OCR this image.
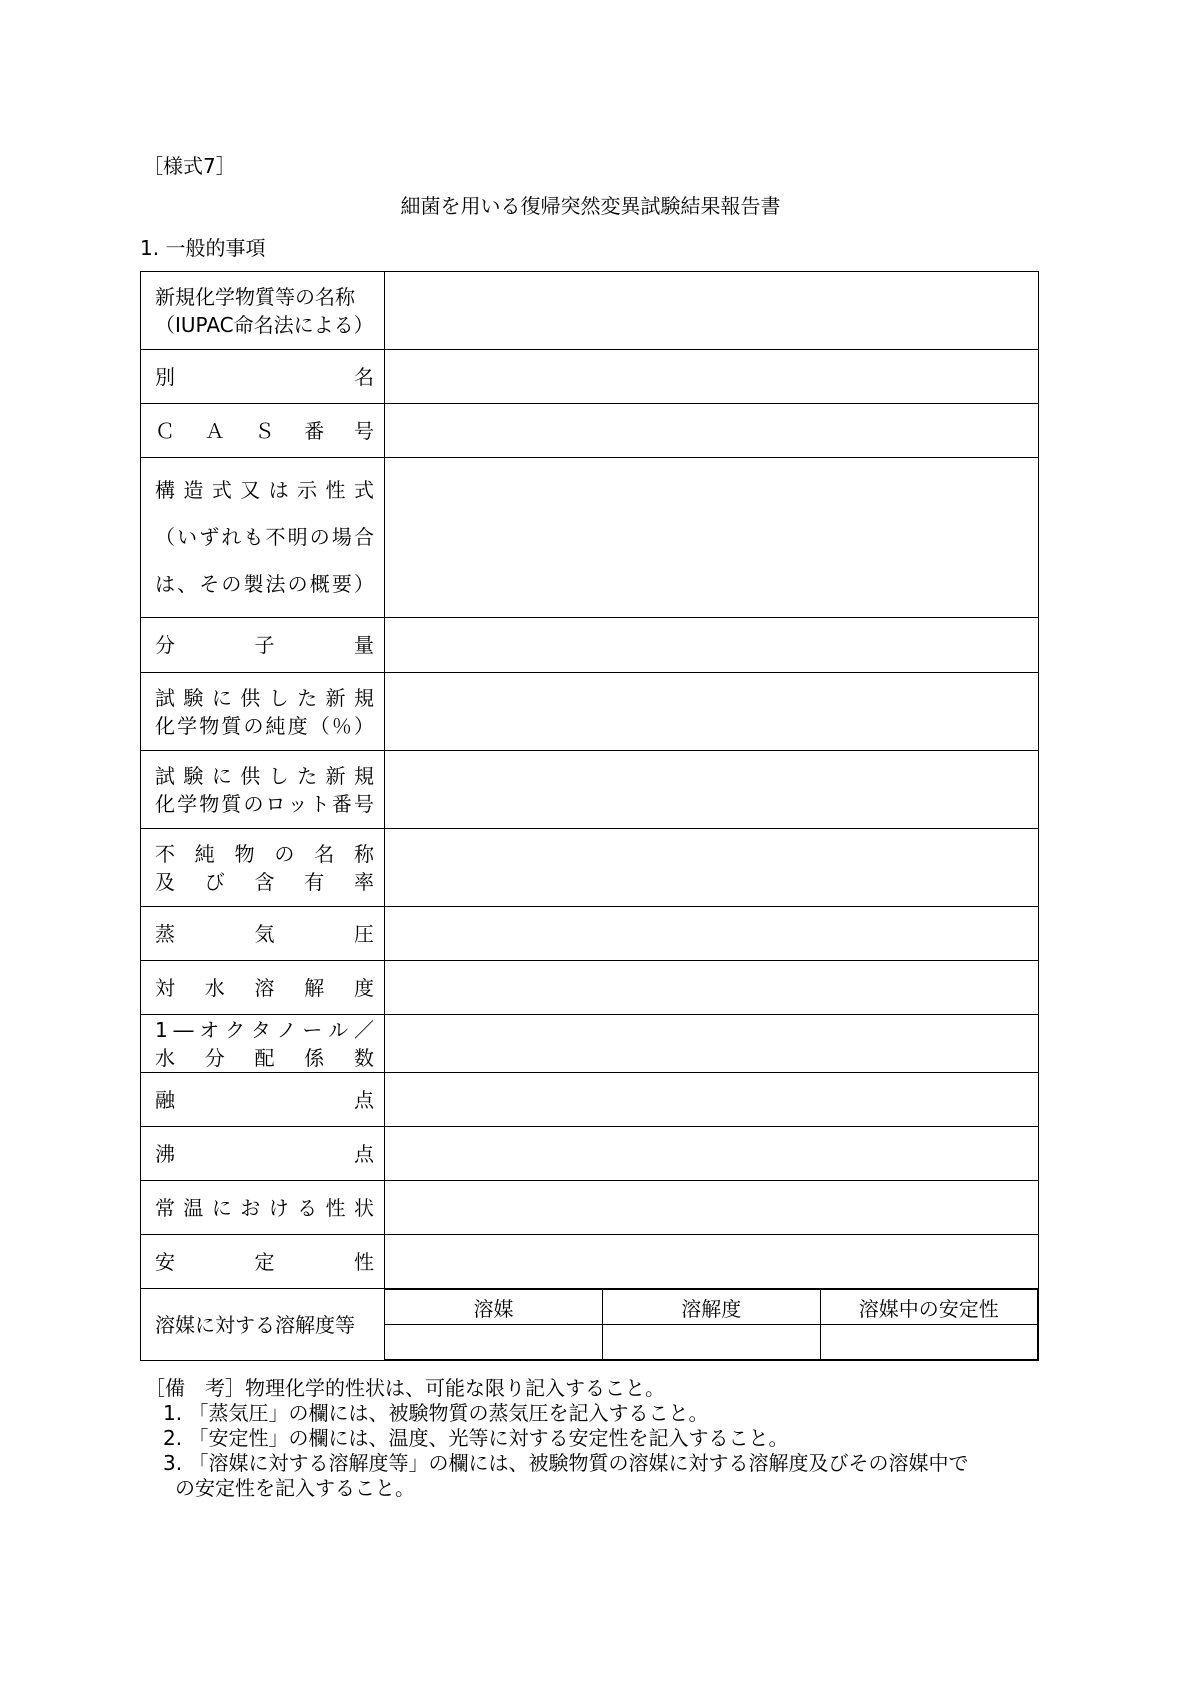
［様式7］
細菌を用いる復帰突然変異試験結果報告書
1. 一般的事項
新規化学物質等の名称
（IUPAC命名法による）

別	名

Ｃ Ａ Ｓ 番 号

構 造 式 又 は 示 性 式
（ い ず れ も 不 明 の 場 合
は 、 そ の 製 法 の 概 要 ）

分	子	量

試 験 に 供 し た 新 規
化 学 物 質 の 純 度 （ ％ ）

試 験 に 供 し た 新 規
化 学 物 質 の ロ ッ ト 番 号

不 純 物 の 名 称
及 び 含 有 率

蒸	気	圧

対 水 溶 解 度

1 ― オ ク タ ノ ー ル ／
水 分 配 係 数

融	点

沸	点

常 温 に お け る 性 状

安	定	性

溶媒に対する溶解度等

溶媒	溶解度	溶媒中の安定性

［備　考］物理化学的性状は、可能な限り記入すること。
1. 「蒸気圧」の欄には、被験物質の蒸気圧を記入すること。
2. 「安定性」の欄には、温度、光等に対する安定性を記入すること。
3. 「溶媒に対する溶解度等」の欄には、被験物質の溶媒に対する溶解度及びその溶媒中で
の安定性を記入すること。
